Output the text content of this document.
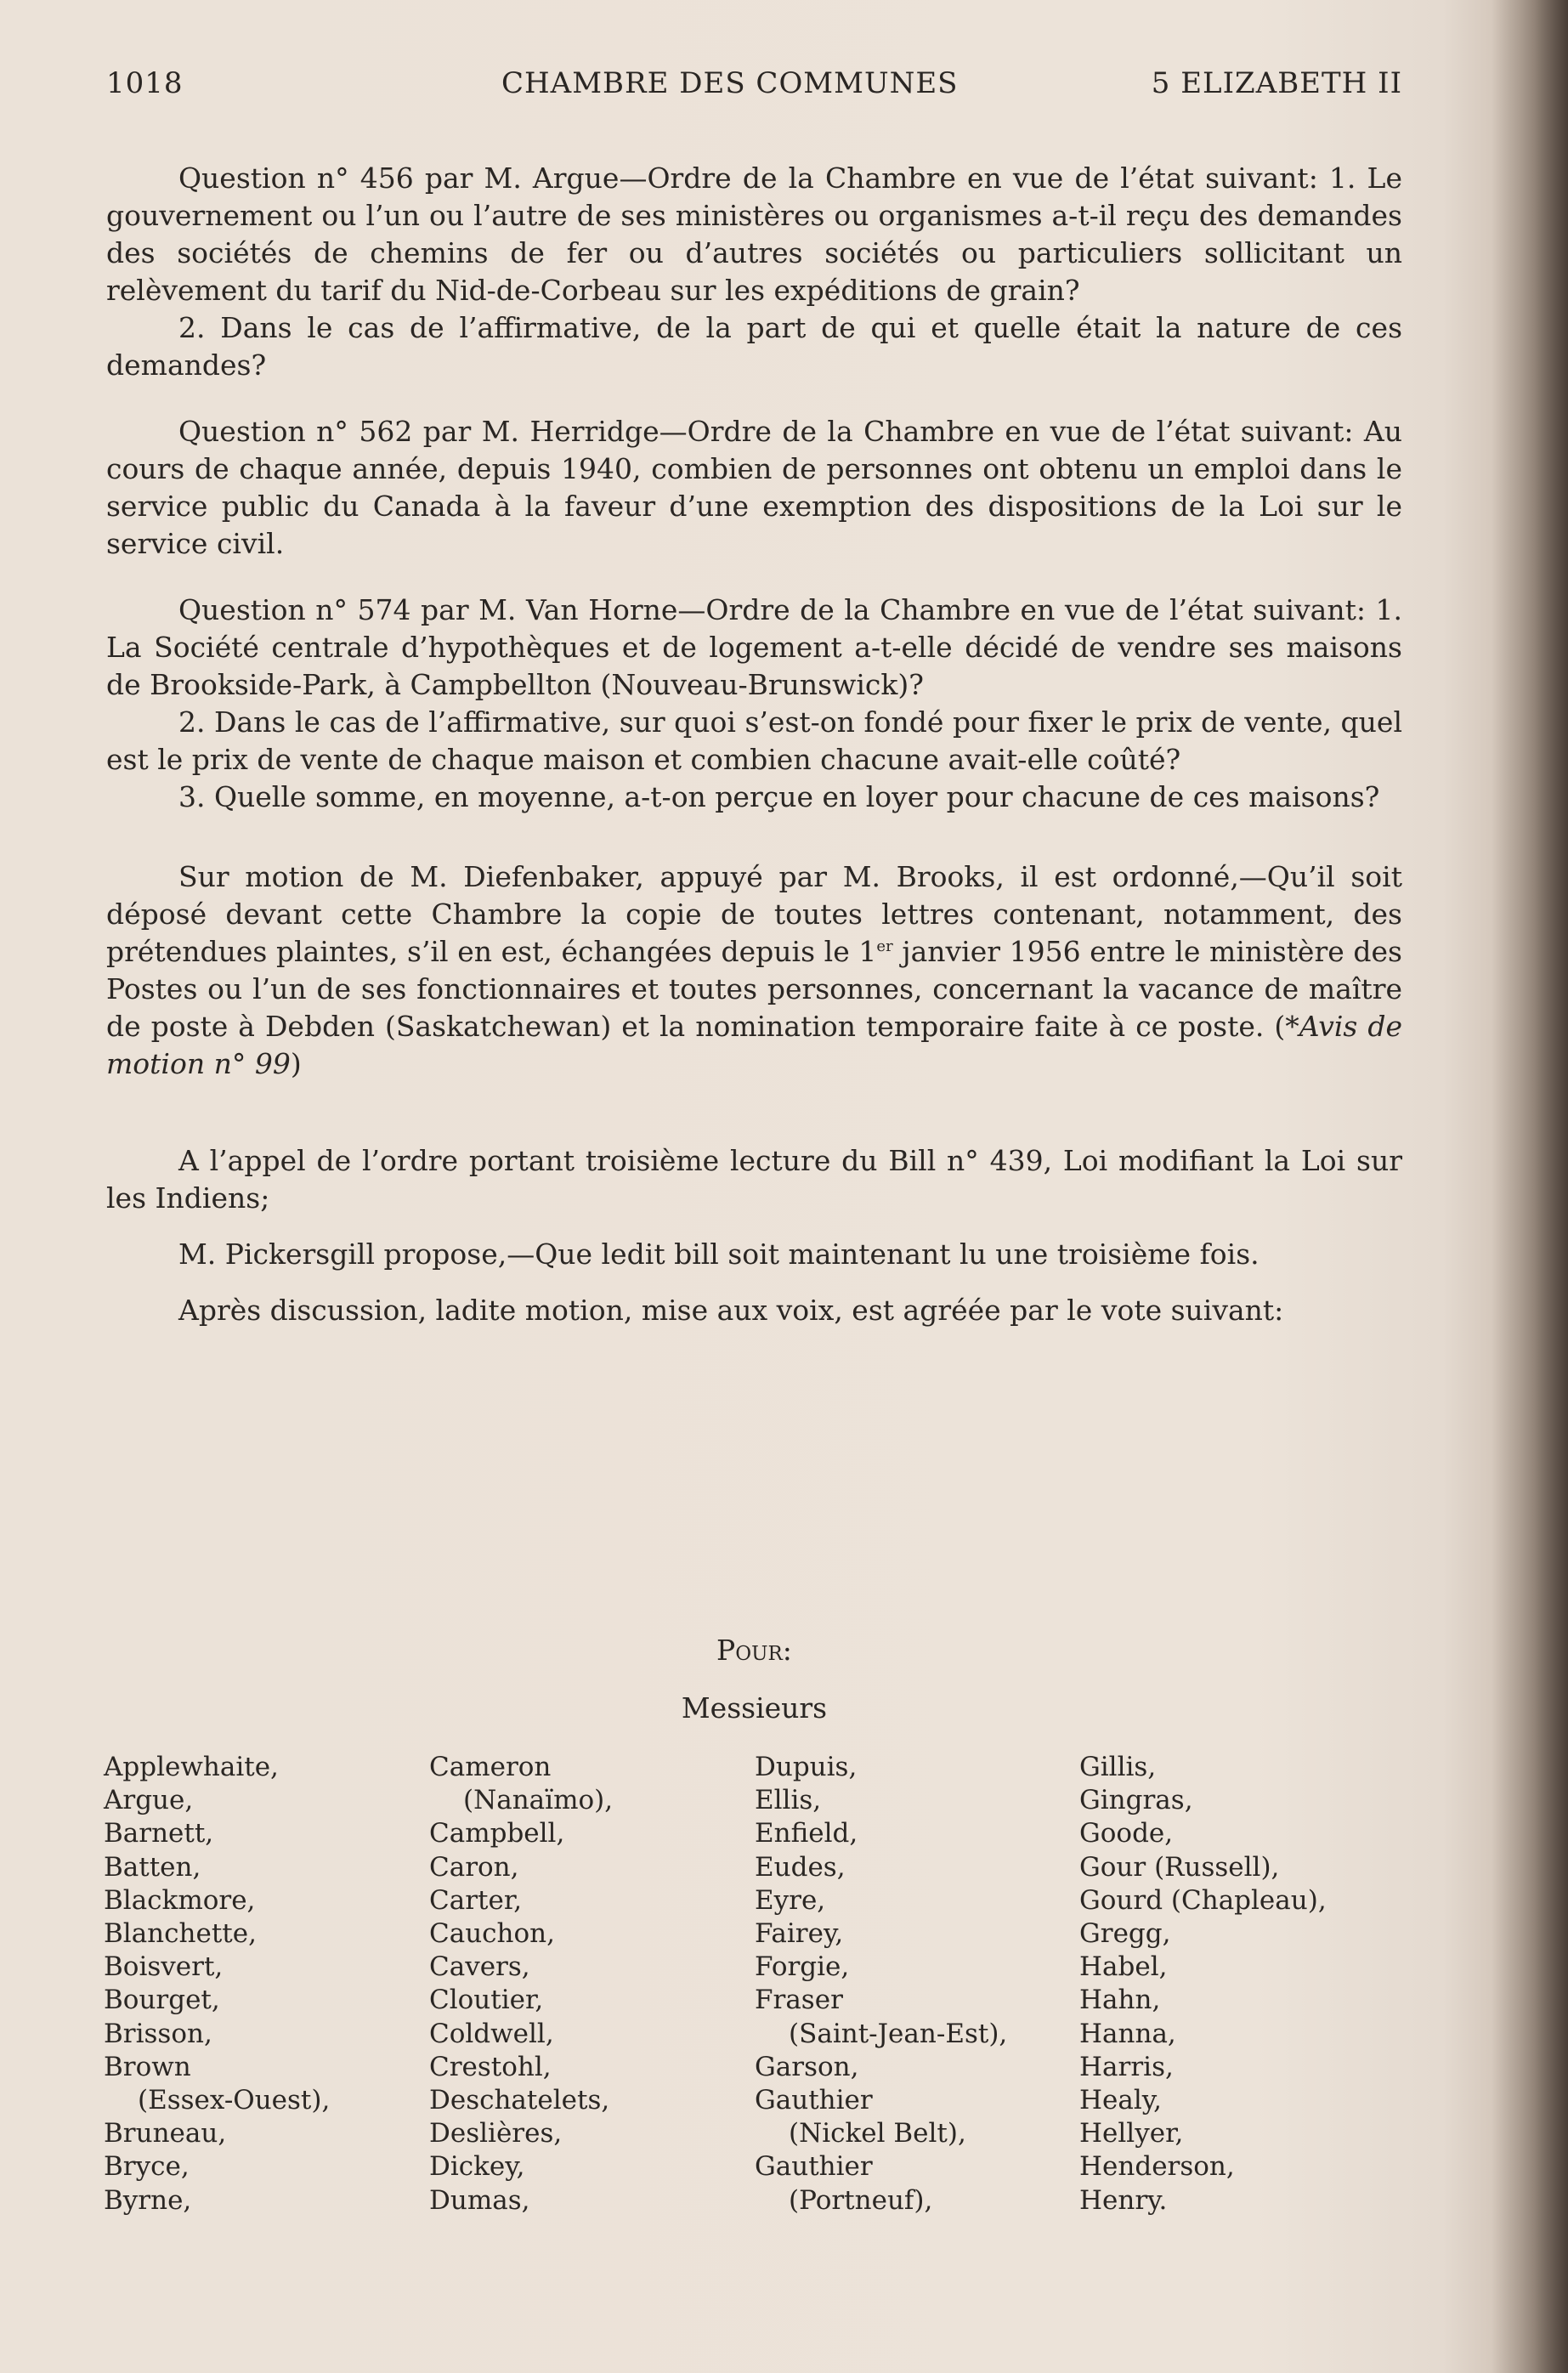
1018	CHAMBRE DES COMMUNES	5 ELIZABETH II

Question n° 456 par M. Argue—Ordre de la Chambre en vue de l’état suivant: 1. Le gouvernement ou l’un ou l’autre de ses ministères ou organismes a-t-il reçu des demandes des sociétés de chemins de fer ou d’autres sociétés ou particuliers sollicitant un relèvement du tarif du Nid-de-Corbeau sur les expéditions de grain?

2. Dans le cas de l’affirmative, de la part de qui et quelle était la nature de ces demandes?

Question n° 562 par M. Herridge—Ordre de la Chambre en vue de l’état suivant: Au cours de chaque année, depuis 1940, combien de personnes ont obtenu un emploi dans le service public du Canada à la faveur d’une exemption des dispositions de la Loi sur le service civil.

Question n° 574 par M. Van Horne—Ordre de la Chambre en vue de l’état suivant: 1. La Société centrale d’hypothèques et de logement a-t-elle décidé de vendre ses maisons de Brookside-Park, à Campbellton (Nouveau-Brunswick)?

2. Dans le cas de l’affirmative, sur quoi s’est-on fondé pour fixer le prix de vente, quel est le prix de vente de chaque maison et combien chacune avait-elle coûté?

3. Quelle somme, en moyenne, a-t-on perçue en loyer pour chacune de ces maisons?

Sur motion de M. Diefenbaker, appuyé par M. Brooks, il est ordonné,—Qu’il soit déposé devant cette Chambre la copie de toutes lettres contenant, notamment, des prétendues plaintes, s’il en est, échangées depuis le 1er janvier 1956 entre le ministère des Postes ou l’un de ses fonctionnaires et toutes personnes, concernant la vacance de maître de poste à Debden (Saskatchewan) et la nomination temporaire faite à ce poste. (*Avis de motion n° 99)

A l’appel de l’ordre portant troisième lecture du Bill n° 439, Loi modifiant la Loi sur les Indiens;

M. Pickersgill propose,—Que ledit bill soit maintenant lu une troisième fois.

Après discussion, ladite motion, mise aux voix, est agréée par le vote suivant:

Pour:
Messieurs
Applewhaite,
Argue,
Barnett,
Batten,
Blackmore,
Blanchette,
Boisvert,
Bourget,
Brisson,
Brown
(Essex-Ouest),
Bruneau,
Bryce,
Byrne,
Cameron
(Nanaïmo),
Campbell,
Caron,
Carter,
Cauchon,
Cavers,
Cloutier,
Coldwell,
Crestohl,
Deschatelets,
Deslières,
Dickey,
Dumas,
Dupuis,
Ellis,
Enfield,
Eudes,
Eyre,
Fairey,
Forgie,
Fraser
(Saint-Jean-Est),
Garson,
Gauthier
(Nickel Belt),
Gauthier
(Portneuf),
Gillis,
Gingras,
Goode,
Gour (Russell),
Gourd (Chapleau),
Gregg,
Habel,
Hahn,
Hanna,
Harris,
Healy,
Hellyer,
Henderson,
Henry.
